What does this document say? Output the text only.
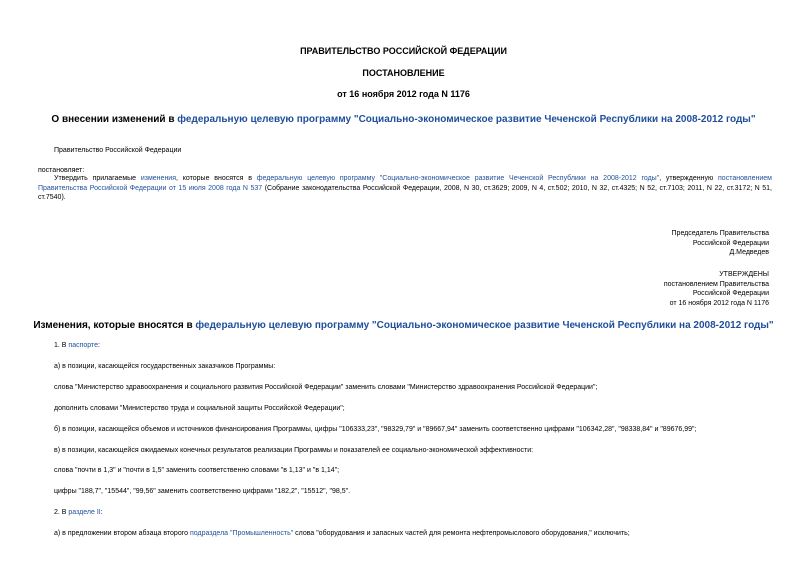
ПРАВИТЕЛЬСТВО РОССИЙСКОЙ ФЕДЕРАЦИИ
ПОСТАНОВЛЕНИЕ
от 16 ноября 2012 года N 1176
О внесении изменений в федеральную целевую программу "Социально-экономическое развитие Чеченской Республики на 2008-2012 годы"
Правительство Российской Федерации
постановляет:
Утвердить прилагаемые изменения, которые вносятся в федеральную целевую программу "Социально-экономическое развитие Чеченской Республики на 2008-2012 годы", утвержденную постановлением Правительства Российской Федерации от 15 июля 2008 года N 537 (Собрание законодательства Российской Федерации, 2008, N 30, ст.3629; 2009, N 4, ст.502; 2010, N 32, ст.4325; N 52, ст.7103; 2011, N 22, ст.3172; N 51, ст.7540).
Председатель Правительства
Российской Федерации
Д.Медведев
УТВЕРЖДЕНЫ
постановлением Правительства
Российской Федерации
от 16 ноября 2012 года N 1176
Изменения, которые вносятся в федеральную целевую программу "Социально-экономическое развитие Чеченской Республики на 2008-2012 годы"
1. В паспорте:
а) в позиции, касающейся государственных заказчиков Программы:
слова "Министерство здравоохранения и социального развития Российской Федерации" заменить словами "Министерство здравоохранения Российской Федерации";
дополнить словами "Министерство труда и социальной защиты Российской Федерации";
б) в позиции, касающейся объемов и источников финансирования Программы, цифры "106333,23", "98329,79" и "89667,94" заменить соответственно цифрами "106342,28", "98338,84" и "89676,99";
в) в позиции, касающейся ожидаемых конечных результатов реализации Программы и показателей ее социально-экономической эффективности:
слова "почти в 1,3" и "почти в 1,5" заменить соответственно словами "в 1,13" и "в 1,14";
цифры "188,7", "15544", "99,56" заменить соответственно цифрами "182,2", "15512", "98,5".
2. В разделе II:
а) в предложении втором абзаца второго подраздела "Промышленность" слова "оборудования и запасных частей для ремонта нефтепромыслового оборудования," исключить;
